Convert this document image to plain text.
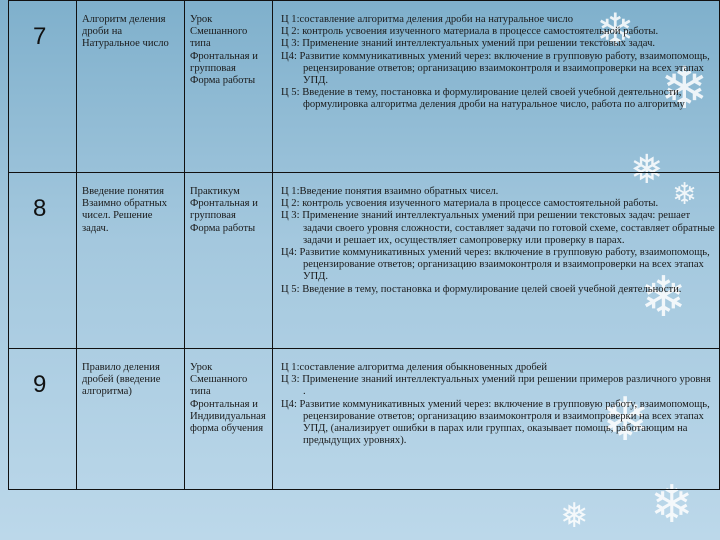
❄
❄
❅
❄
❄
❄
❄
❅
7	Алгоритм деления дроби на Натуральное число	Урок Смешанного типа Фронтальная и групповая Форма работы	Ц 1:составление алгоритма деления дроби на натуральное число
Ц 2: контроль усвоения изученного материала в процессе самостоятельной работы.
Ц 3: Применение знаний интеллектуальных умений при решении текстовых задач.
Ц4: Развитие коммуникативных умений через: включение в групповую работу, взаимопомощь, рецензирование ответов; организацию взаимоконтроля и взаимопроверки на всех этапах УПД.
Ц 5: Введение в тему, постановка и формулирование целей своей учебной деятельности, формулировка алгоритма деления дроби на натуральное число, работа по алгоритму

8	Введение понятия Взаимно обратных чисел. Решение задач.	Практикум Фронтальная и групповая Форма работы	Ц 1:Введение понятия взаимно обратных чисел.
Ц 2: контроль усвоения изученного материала в процессе самостоятельной работы.
Ц 3: Применение знаний интеллектуальных умений при решении текстовых задач: решает задачи своего уровня сложности, составляет задачи по готовой схеме, составляет обратные задачи и решает их, осуществляет самопроверку или проверку в парах.
Ц4: Развитие коммуникативных умений через: включение в групповую работу, взаимопомощь, рецензирование ответов; организацию взаимоконтроля и взаимопроверки на всех этапах УПД.
Ц 5: Введение в тему, постановка и формулирование целей своей учебной деятельности.

9	Правило деления дробей (введение алгоритма)	Урок Смешанного типа Фронтальная и Индивидуальная форма обучения	Ц 1:составление алгоритма деления обыкновенных дробей
Ц 3: Применение знаний интеллектуальных умений при решении примеров различного уровня .
Ц4: Развитие коммуникативных умений через: включение в групповую работу, взаимопомощь, рецензирование ответов; организацию взаимоконтроля и взаимопроверки на всех этапах УПД, (анализирует ошибки в парах или группах, оказывает помощь, работающим на предыдущих уровнях).
